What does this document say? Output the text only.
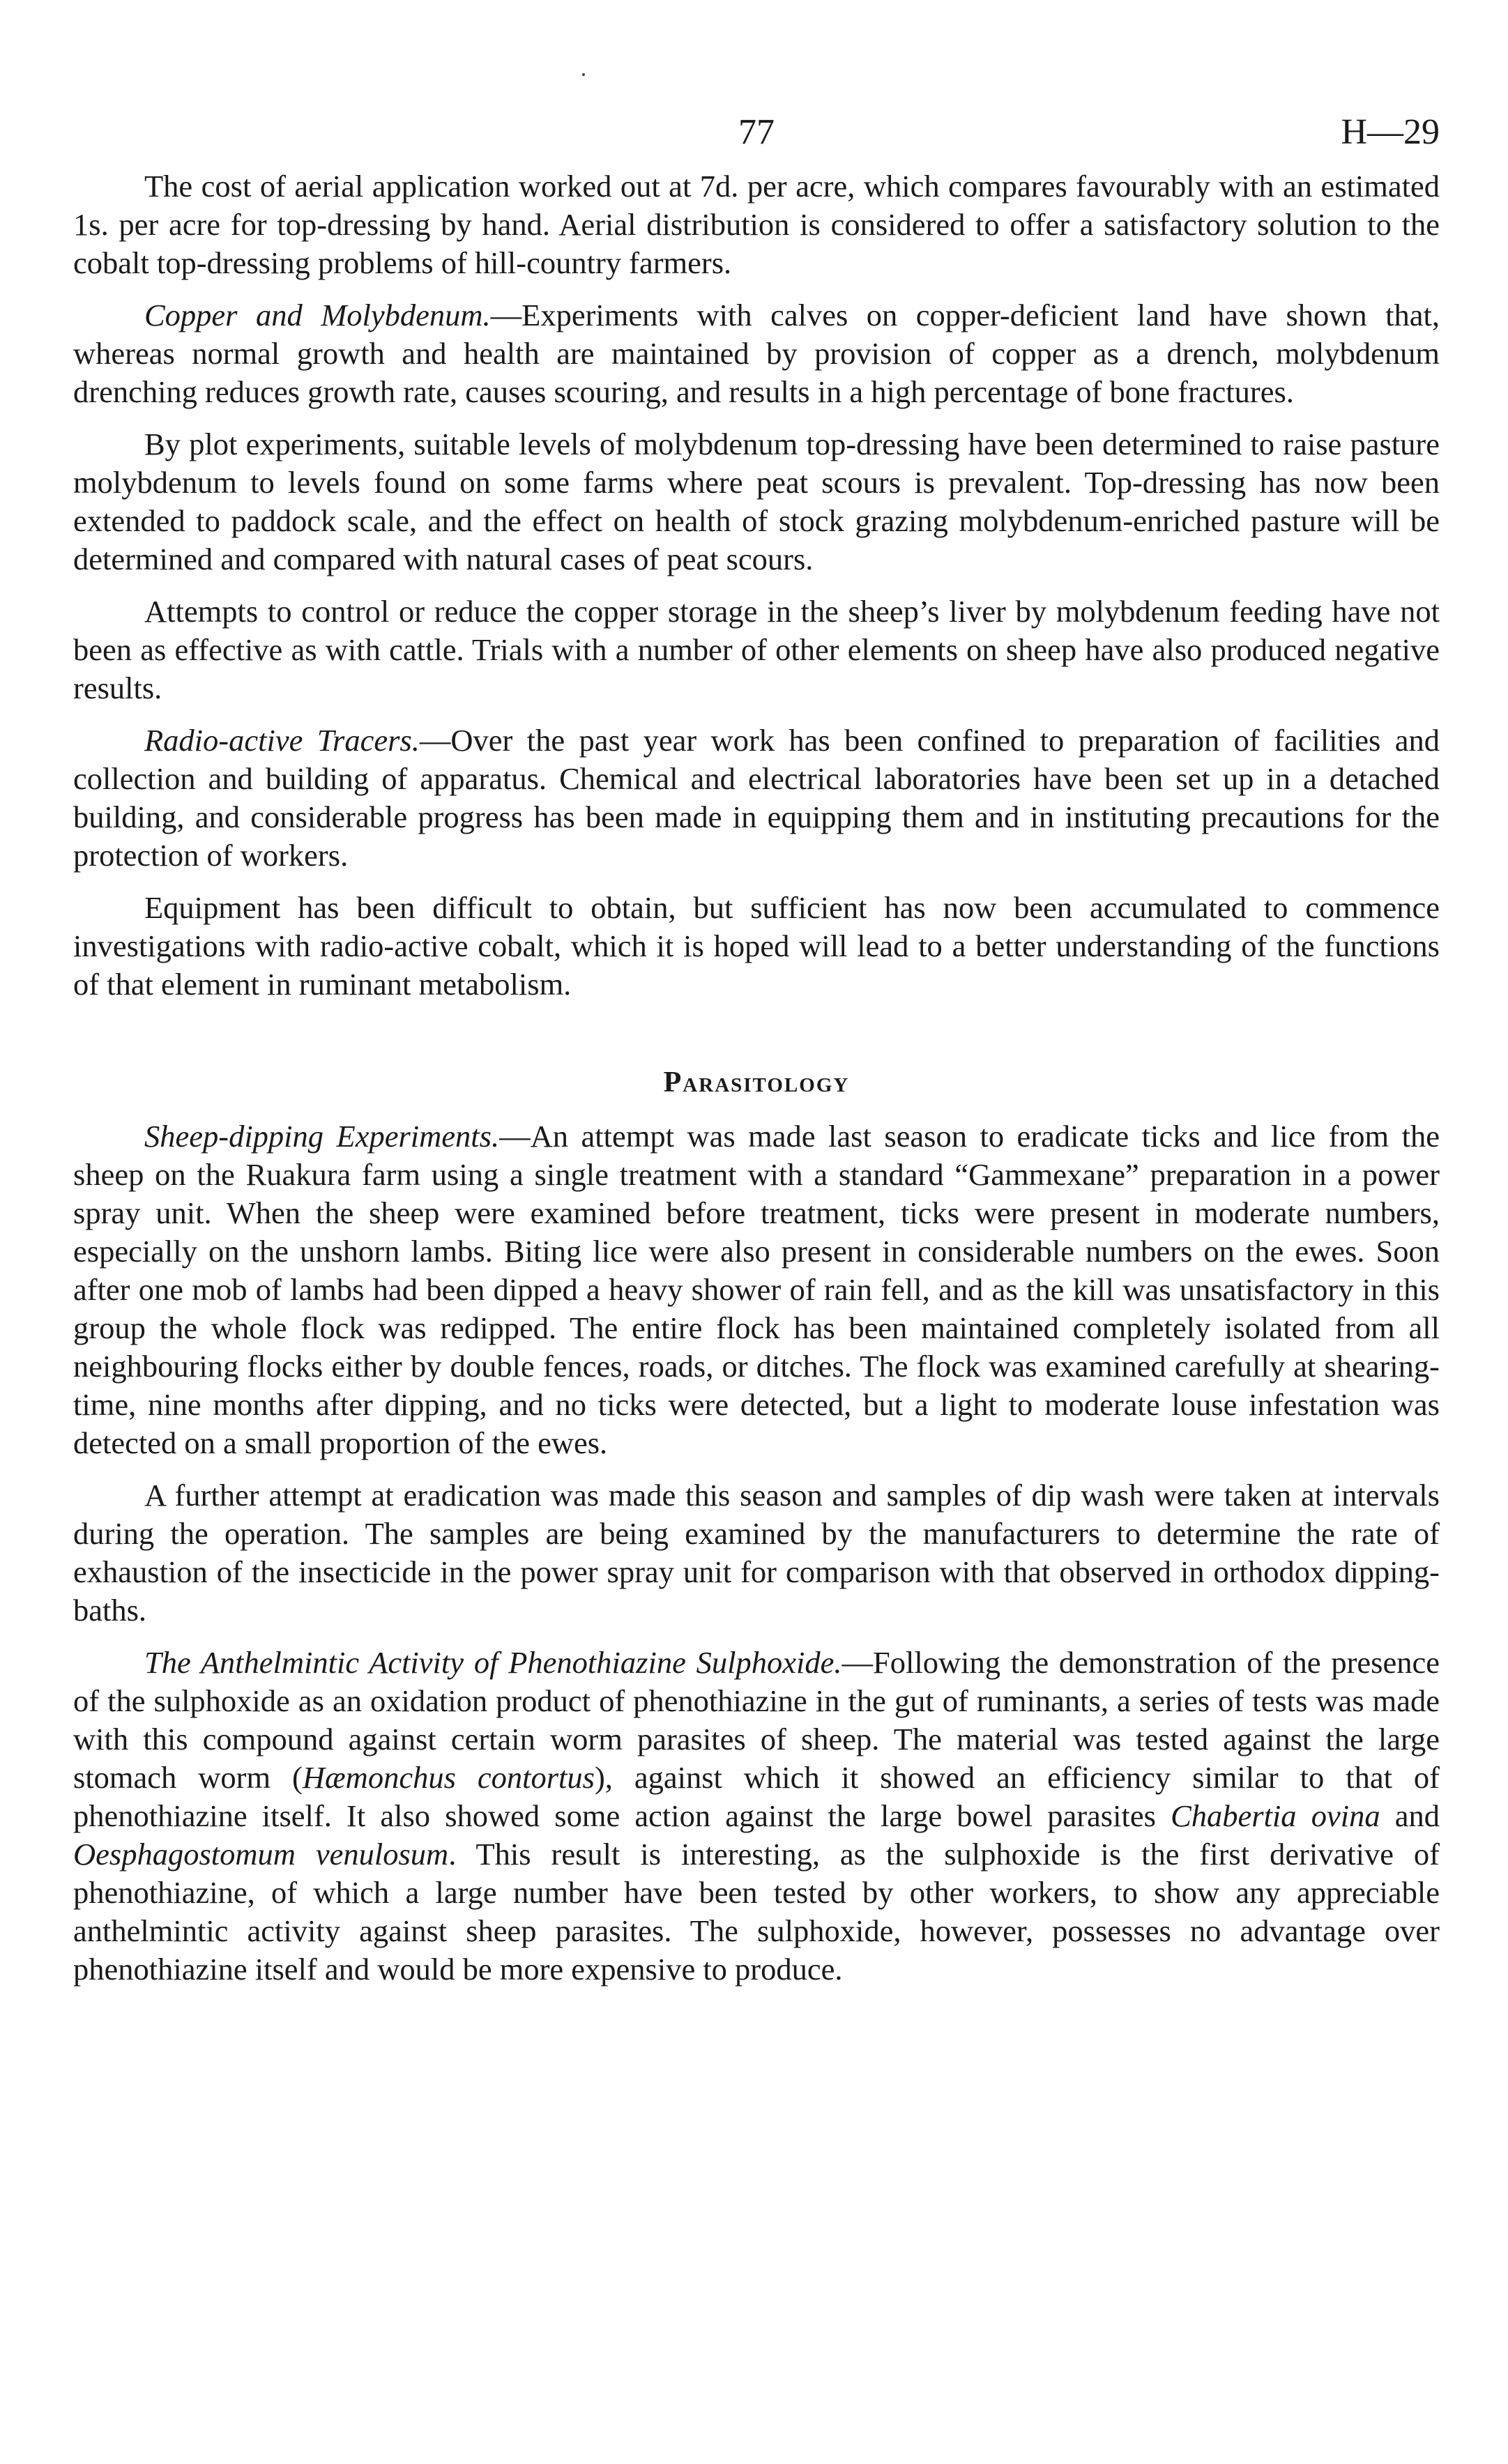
77	H—29

The cost of aerial application worked out at 7d. per acre, which compares favourably with an estimated 1s. per acre for top-dressing by hand. Aerial distribution is considered to offer a satisfactory solution to the cobalt top-dressing problems of hill-country farmers.

Copper and Molybdenum.—Experiments with calves on copper-deficient land have shown that, whereas normal growth and health are maintained by provision of copper as a drench, molybdenum drenching reduces growth rate, causes scouring, and results in a high percentage of bone fractures.

By plot experiments, suitable levels of molybdenum top-dressing have been determined to raise pasture molybdenum to levels found on some farms where peat scours is prevalent. Top-dressing has now been extended to paddock scale, and the effect on health of stock grazing molybdenum-enriched pasture will be determined and compared with natural cases of peat scours.

Attempts to control or reduce the copper storage in the sheep’s liver by molybdenum feeding have not been as effective as with cattle. Trials with a number of other elements on sheep have also produced negative results.

Radio-active Tracers.—Over the past year work has been confined to preparation of facilities and collection and building of apparatus. Chemical and electrical laboratories have been set up in a detached building, and considerable progress has been made in equipping them and in instituting precautions for the protection of workers.

Equipment has been difficult to obtain, but sufficient has now been accumulated to commence investigations with radio-active cobalt, which it is hoped will lead to a better understanding of the functions of that element in ruminant metabolism.

Parasitology

Sheep-dipping Experiments.—An attempt was made last season to eradicate ticks and lice from the sheep on the Ruakura farm using a single treatment with a standard “Gammexane” preparation in a power spray unit. When the sheep were examined before treatment, ticks were present in moderate numbers, especially on the unshorn lambs. Biting lice were also present in considerable numbers on the ewes. Soon after one mob of lambs had been dipped a heavy shower of rain fell, and as the kill was unsatisfactory in this group the whole flock was redipped. The entire flock has been maintained completely isolated from all neighbouring flocks either by double fences, roads, or ditches. The flock was examined carefully at shearing-time, nine months after dipping, and no ticks were detected, but a light to moderate louse infestation was detected on a small proportion of the ewes.

A further attempt at eradication was made this season and samples of dip wash were taken at intervals during the operation. The samples are being examined by the manufacturers to determine the rate of exhaustion of the insecticide in the power spray unit for comparison with that observed in orthodox dipping-baths.

The Anthelmintic Activity of Phenothiazine Sulphoxide.—Following the demonstration of the presence of the sulphoxide as an oxidation product of phenothiazine in the gut of ruminants, a series of tests was made with this compound against certain worm parasites of sheep. The material was tested against the large stomach worm (Hæmonchus contortus), against which it showed an efficiency similar to that of phenothiazine itself. It also showed some action against the large bowel parasites Chabertia ovina and Oesphagostomum venulosum. This result is interesting, as the sulphoxide is the first derivative of phenothiazine, of which a large number have been tested by other workers, to show any appreciable anthelmintic activity against sheep parasites. The sulphoxide, however, possesses no advantage over phenothiazine itself and would be more expensive to produce.
